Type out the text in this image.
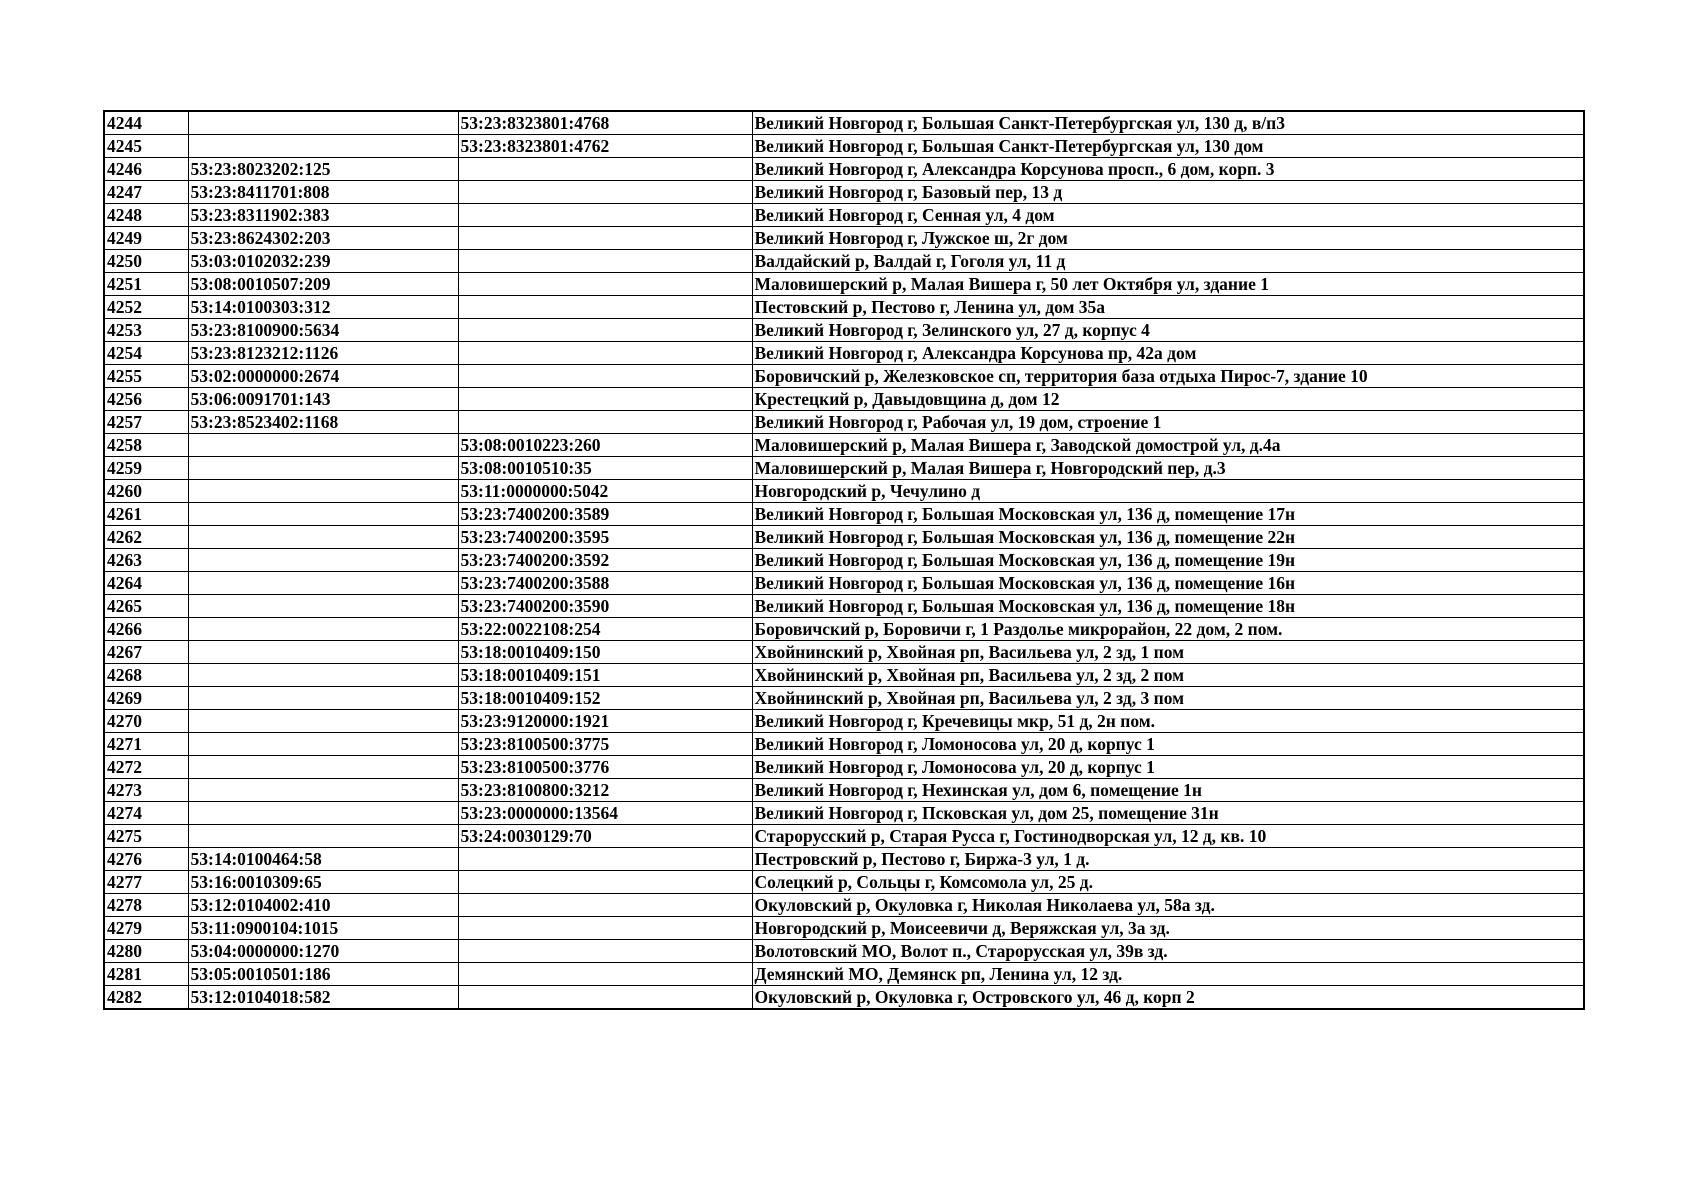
4244		53:23:8323801:4768	Великий Новгород г, Большая Санкт-Петербургская ул, 130 д, в/п3
4245		53:23:8323801:4762	Великий Новгород г, Большая Санкт-Петербургская ул, 130 дом
4246	53:23:8023202:125		Великий Новгород г, Александра Корсунова просп., 6 дом, корп. 3
4247	53:23:8411701:808		Великий Новгород г, Базовый пер, 13 д
4248	53:23:8311902:383		Великий Новгород г, Сенная ул, 4 дом
4249	53:23:8624302:203		Великий Новгород г, Лужское ш, 2г дом
4250	53:03:0102032:239		Валдайский р, Валдай г, Гоголя ул, 11 д
4251	53:08:0010507:209		Маловишерский р, Малая Вишера г, 50 лет Октября ул, здание 1
4252	53:14:0100303:312		Пестовский р, Пестово г, Ленина ул, дом 35а
4253	53:23:8100900:5634		Великий Новгород г, Зелинского ул, 27 д, корпус 4
4254	53:23:8123212:1126		Великий Новгород г, Александра Корсунова пр, 42а дом
4255	53:02:0000000:2674		Боровичский р, Железковское сп, территория база отдыха Пирос-7, здание 10
4256	53:06:0091701:143		Крестецкий р, Давыдовщина д, дом 12
4257	53:23:8523402:1168		Великий Новгород г, Рабочая ул, 19 дом, строение 1
4258		53:08:0010223:260	Маловишерский р, Малая Вишера г, Заводской домострой ул, д.4а
4259		53:08:0010510:35	Маловишерский р, Малая Вишера г, Новгородский пер, д.3
4260		53:11:0000000:5042	Новгородский р, Чечулино д
4261		53:23:7400200:3589	Великий Новгород г, Большая Московская ул, 136 д, помещение 17н
4262		53:23:7400200:3595	Великий Новгород г, Большая Московская ул, 136 д, помещение 22н
4263		53:23:7400200:3592	Великий Новгород г, Большая Московская ул, 136 д, помещение 19н
4264		53:23:7400200:3588	Великий Новгород г, Большая Московская ул, 136 д, помещение 16н
4265		53:23:7400200:3590	Великий Новгород г, Большая Московская ул, 136 д, помещение 18н
4266		53:22:0022108:254	Боровичский р, Боровичи г, 1 Раздолье микрорайон, 22 дом, 2 пом.
4267		53:18:0010409:150	Хвойнинский р, Хвойная рп, Васильева ул, 2 зд, 1 пом
4268		53:18:0010409:151	Хвойнинский р, Хвойная рп, Васильева ул, 2 зд, 2 пом
4269		53:18:0010409:152	Хвойнинский р, Хвойная рп, Васильева ул, 2 зд, 3 пом
4270		53:23:9120000:1921	Великий Новгород г, Кречевицы мкр, 51 д, 2н пом.
4271		53:23:8100500:3775	Великий Новгород г, Ломоносова ул, 20 д, корпус 1
4272		53:23:8100500:3776	Великий Новгород г, Ломоносова ул, 20 д, корпус 1
4273		53:23:8100800:3212	Великий Новгород г, Нехинская ул, дом 6, помещение 1н
4274		53:23:0000000:13564	Великий Новгород г, Псковская ул, дом 25, помещение 31н
4275		53:24:0030129:70	Старорусский р, Старая Русса г, Гостинодворская ул, 12 д, кв. 10
4276	53:14:0100464:58		Пестровский р, Пестово г, Биржа-3 ул, 1 д.
4277	53:16:0010309:65		Солецкий р, Сольцы г, Комсомола ул, 25 д.
4278	53:12:0104002:410		Окуловский р, Окуловка г, Николая Николаева ул, 58а зд.
4279	53:11:0900104:1015		Новгородский р, Моисеевичи д, Веряжская ул, 3а зд.
4280	53:04:0000000:1270		Волотовский МО, Волот п., Старорусская ул, 39в зд.
4281	53:05:0010501:186		Демянский МО, Демянск рп, Ленина ул, 12 зд.
4282	53:12:0104018:582		Окуловский р, Окуловка г, Островского ул, 46 д, корп 2
